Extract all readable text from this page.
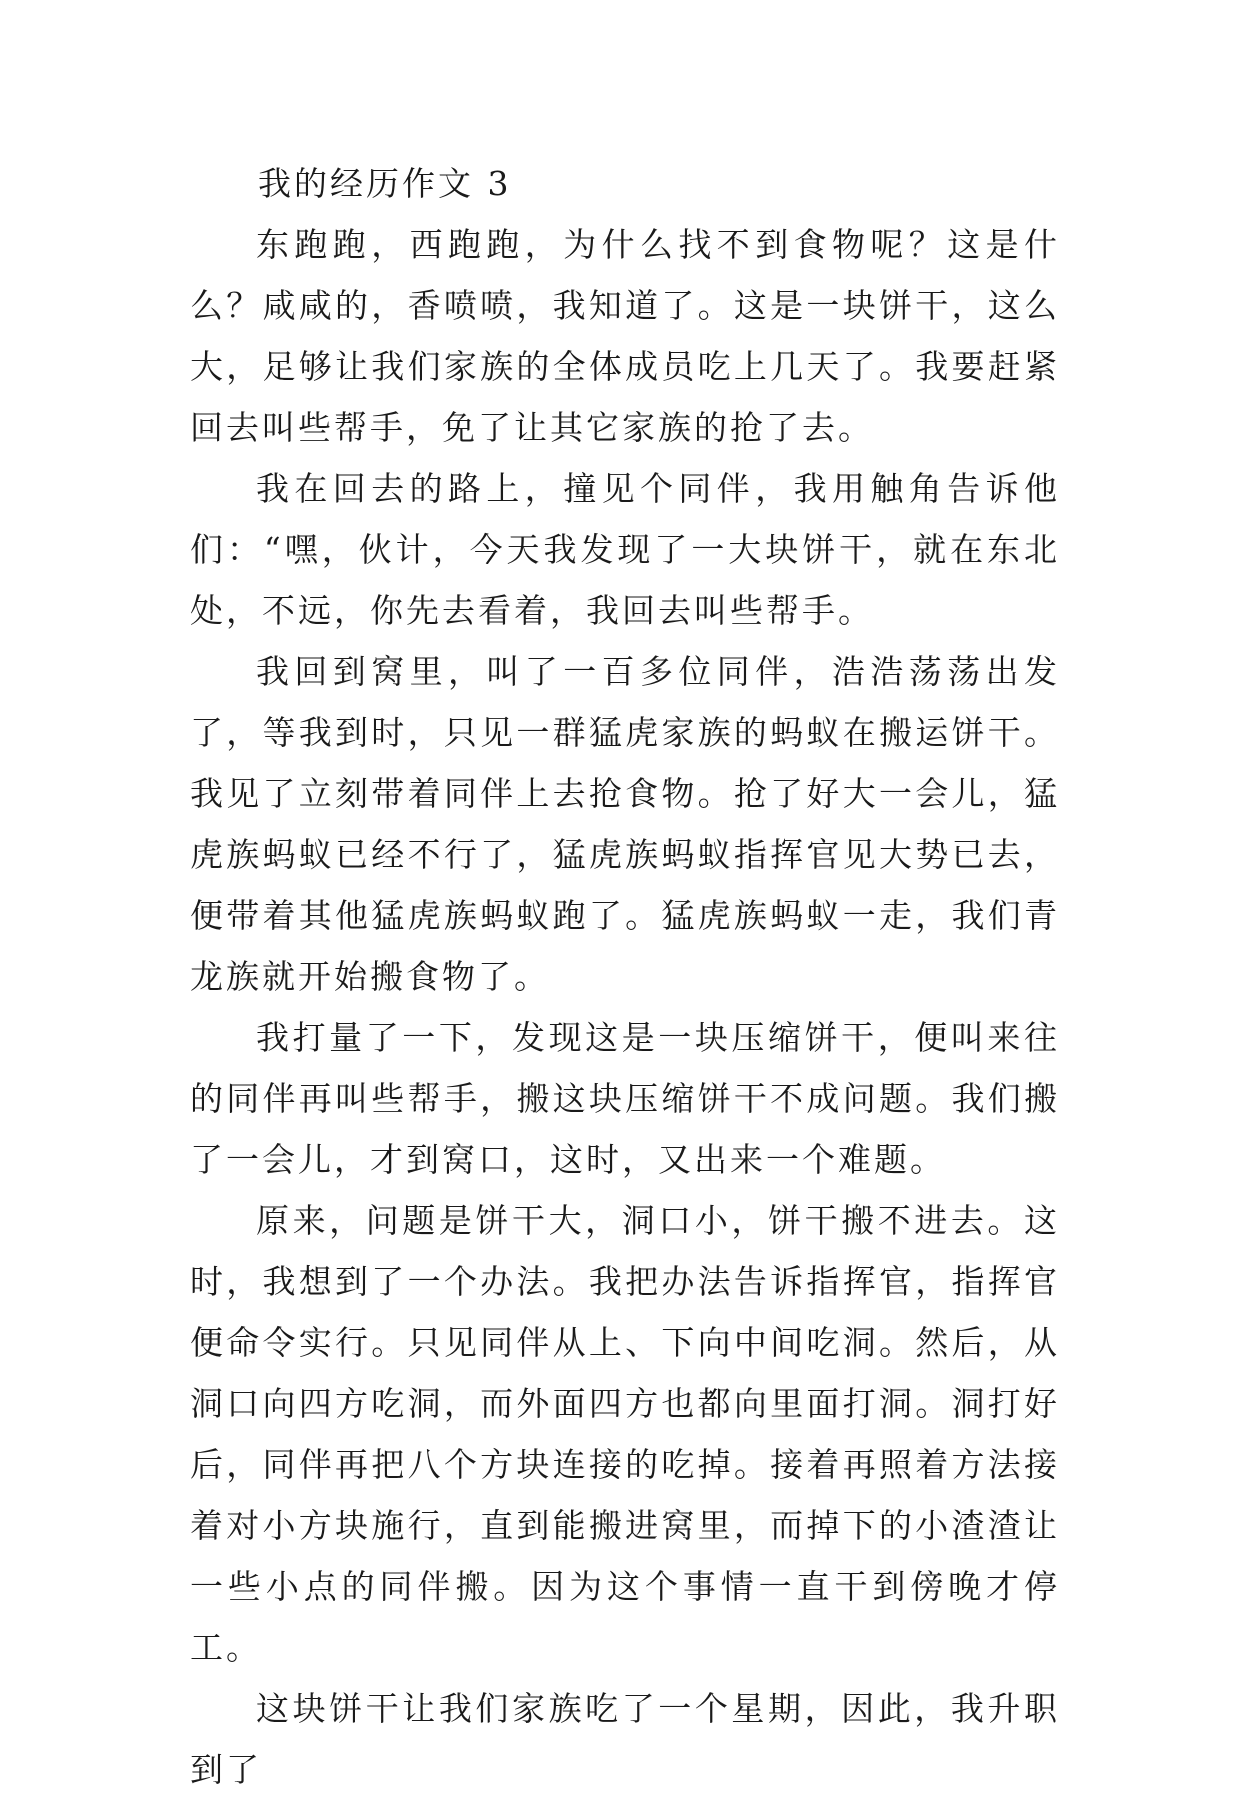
我的经历作文 3

东跑跑，西跑跑，为什么找不到食物呢？这是什么？咸咸的，香喷喷，我知道了。这是一块饼干，这么大，足够让我们家族的全体成员吃上几天了。我要赶紧回去叫些帮手，免了让其它家族的抢了去。

我在回去的路上，撞见个同伴，我用触角告诉他们：“嘿，伙计，今天我发现了一大块饼干，就在东北处，不远，你先去看着，我回去叫些帮手。

我回到窝里，叫了一百多位同伴，浩浩荡荡出发了，等我到时，只见一群猛虎家族的蚂蚁在搬运饼干。我见了立刻带着同伴上去抢食物。抢了好大一会儿，猛虎族蚂蚁已经不行了，猛虎族蚂蚁指挥官见大势已去，便带着其他猛虎族蚂蚁跑了。猛虎族蚂蚁一走，我们青龙族就开始搬食物了。

我打量了一下，发现这是一块压缩饼干，便叫来往的同伴再叫些帮手，搬这块压缩饼干不成问题。我们搬了一会儿，才到窝口，这时，又出来一个难题。

原来，问题是饼干大，洞口小，饼干搬不进去。这时，我想到了一个办法。我把办法告诉指挥官，指挥官便命令实行。只见同伴从上、下向中间吃洞。然后，从洞口向四方吃洞，而外面四方也都向里面打洞。洞打好后，同伴再把八个方块连接的吃掉。接着再照着方法接着对小方块施行，直到能搬进窝里，而掉下的小渣渣让一些小点的同伴搬。因为这个事情一直干到傍晚才停工。

这块饼干让我们家族吃了一个星期，因此，我升职到了
